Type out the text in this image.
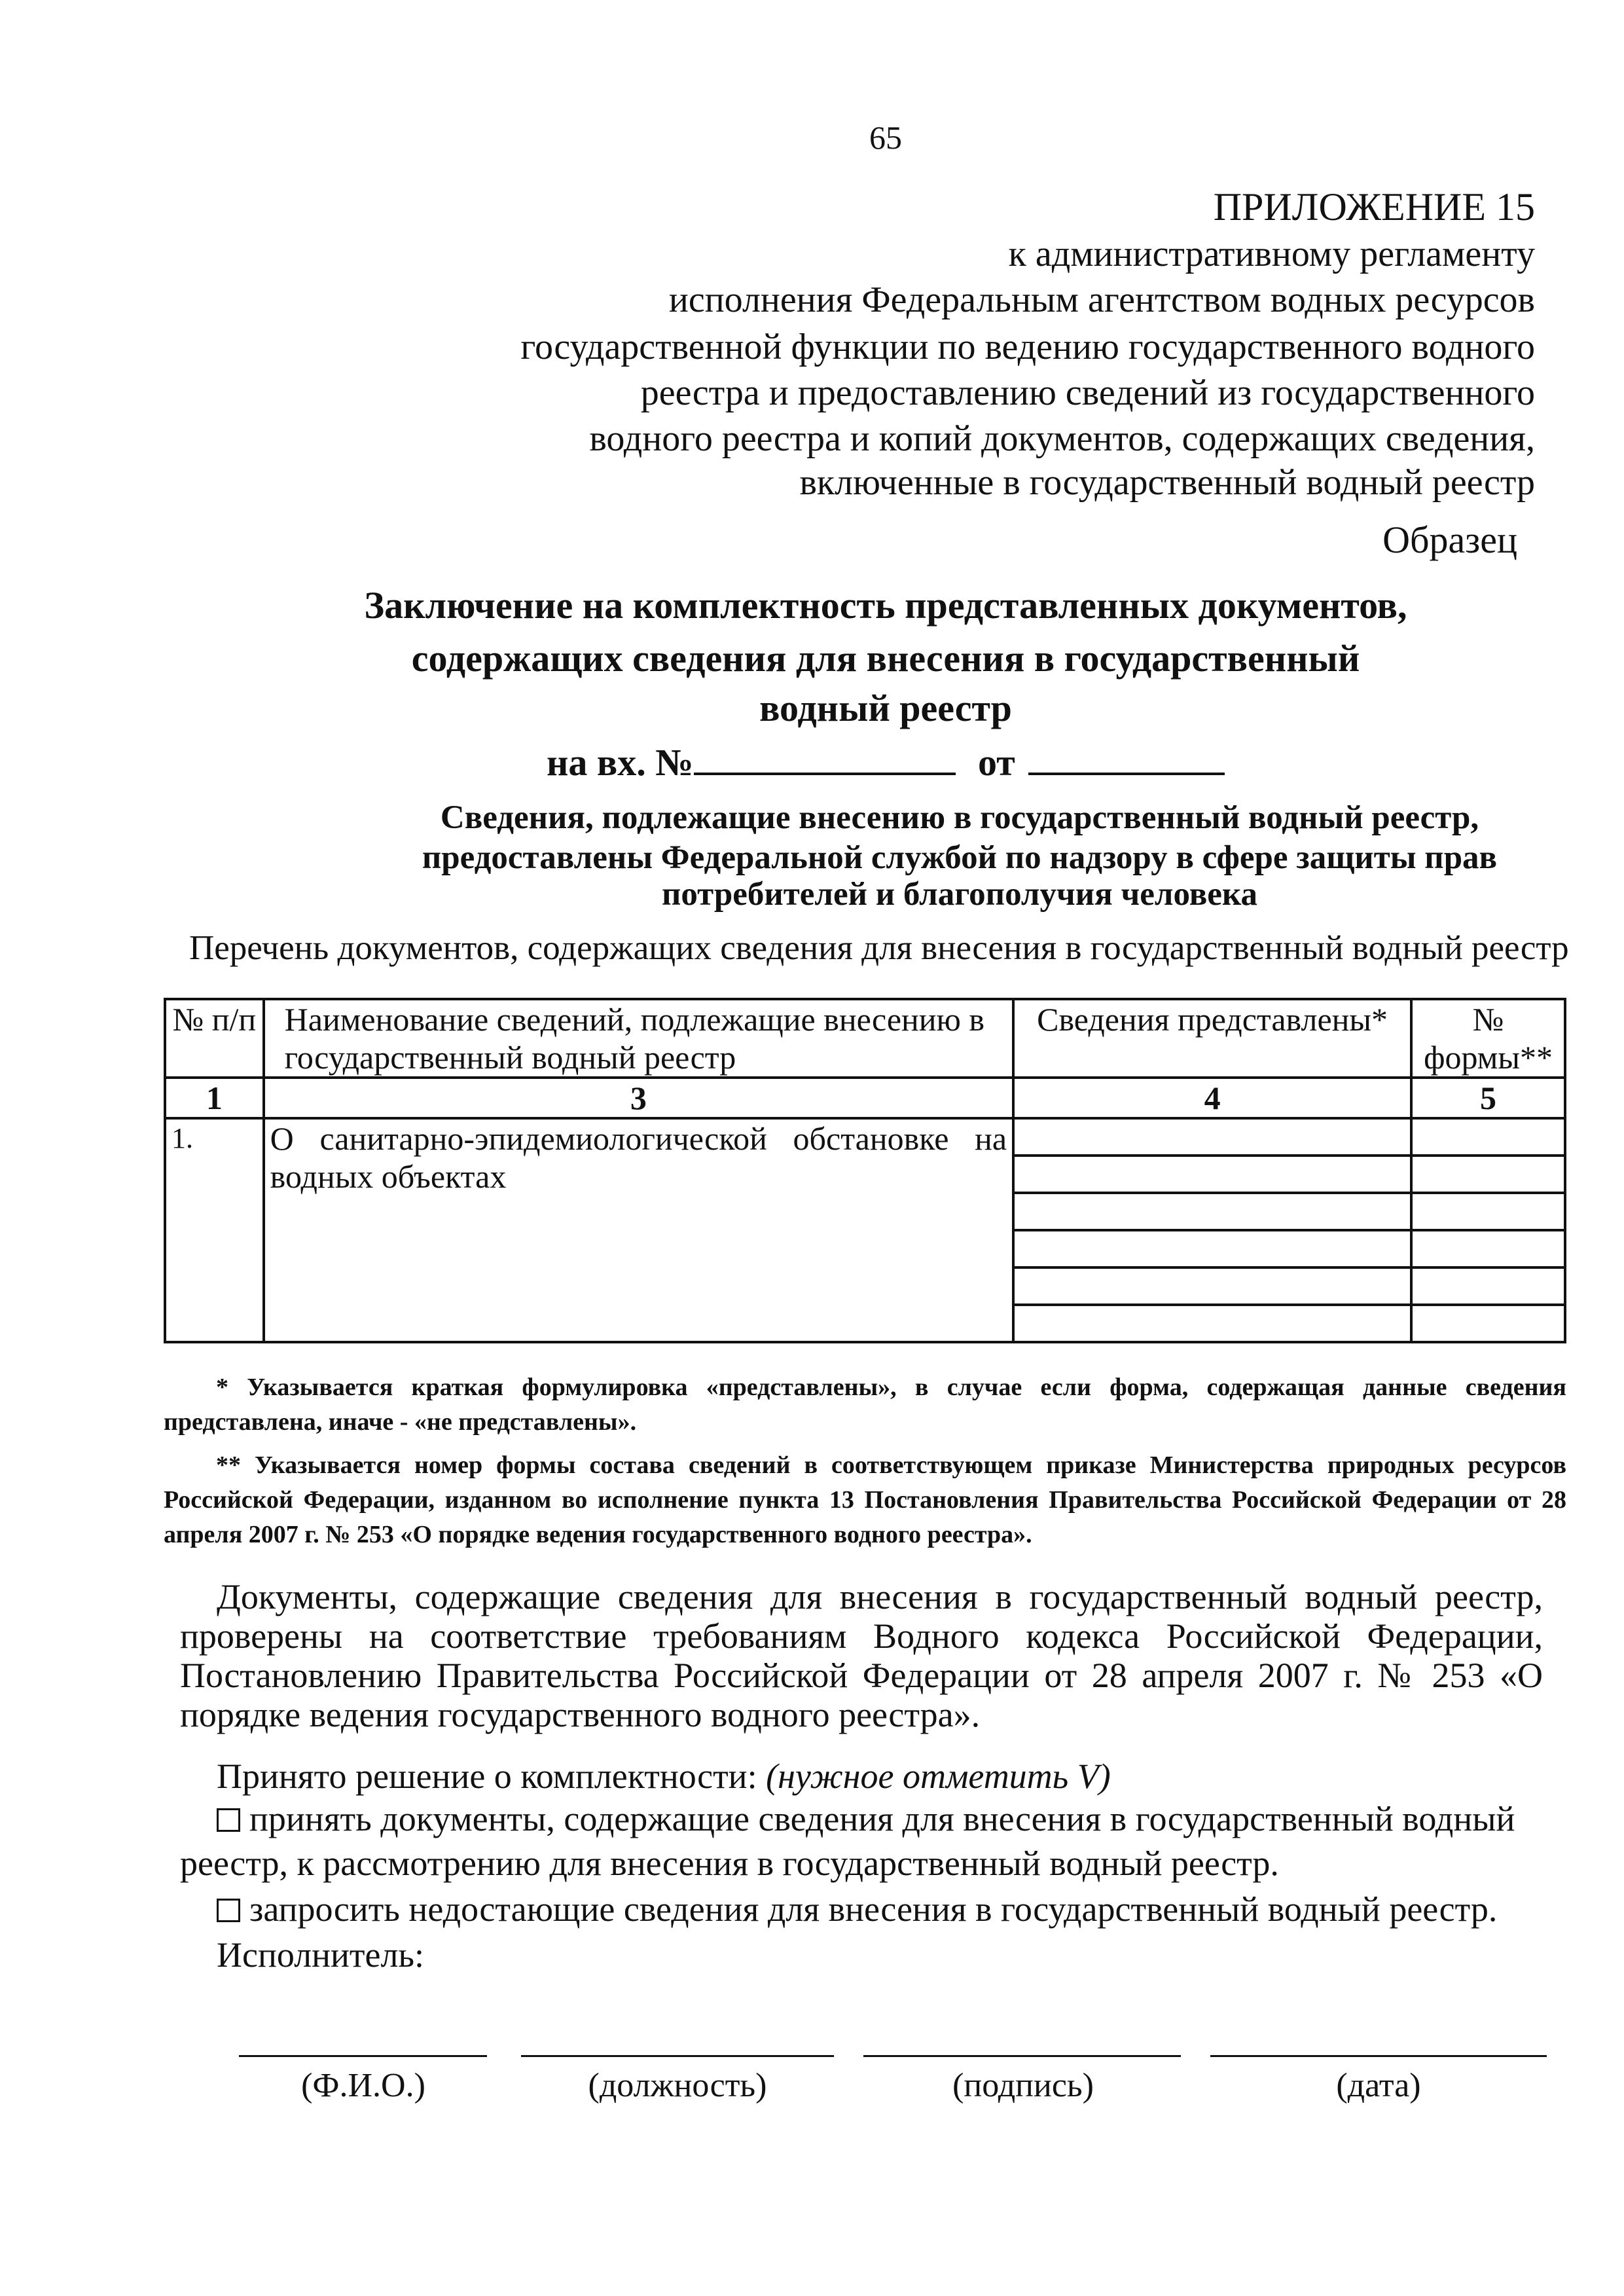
65
ПРИЛОЖЕНИЕ 15
к административному регламенту
исполнения Федеральным агентством водных ресурсов
государственной функции по ведению государственного водного
реестра и предоставлению сведений из государственного
водного реестра и копий документов, содержащих сведения,
включенные в государственный водный реестр
Образец
Заключение на комплектность представленных документов,
содержащих сведения для внесения в государственный
водный реестр
на вх. №	от
Сведения, подлежащие внесению в государственный водный реестр,
предоставлены Федеральной службой по надзору в сфере защиты прав
потребителей и благополучия человека
Перечень документов, содержащих сведения для внесения в государственный водный реестр
№ п/п	Наименование сведений, подлежащие внесению в государственный водный реестр	Сведения представлены*	№ формы**
1	3	4	5
1.	О санитарно-эпидемиологической обстановке на водных объектах		

* Указывается краткая формулировка «представлены», в случае если форма, содержащая данные сведения представлена, иначе - «не представлены».
** Указывается номер формы состава сведений в соответствующем приказе Министерства природных ресурсов Российской Федерации, изданном во исполнение пункта 13 Постановления Правительства Российской Федерации от 28 апреля 2007 г. № 253 «О порядке ведения государственного водного реестра».
Документы, содержащие сведения для внесения в государственный водный реестр, проверены на соответствие требованиям Водного кодекса Российской Федерации, Постановлению Правительства Российской Федерации от 28 апреля 2007 г. № 253 «О порядке ведения государственного водного реестра».
Принято решение о комплектности: (нужное отметить V)
принять документы, содержащие сведения для внесения в государственный водный
реестр, к рассмотрению для внесения в государственный водный реестр.
запросить недостающие сведения для внесения в государственный водный реестр.
Исполнитель:
(Ф.И.О.)	(должность)	(подпись)	(дата)
